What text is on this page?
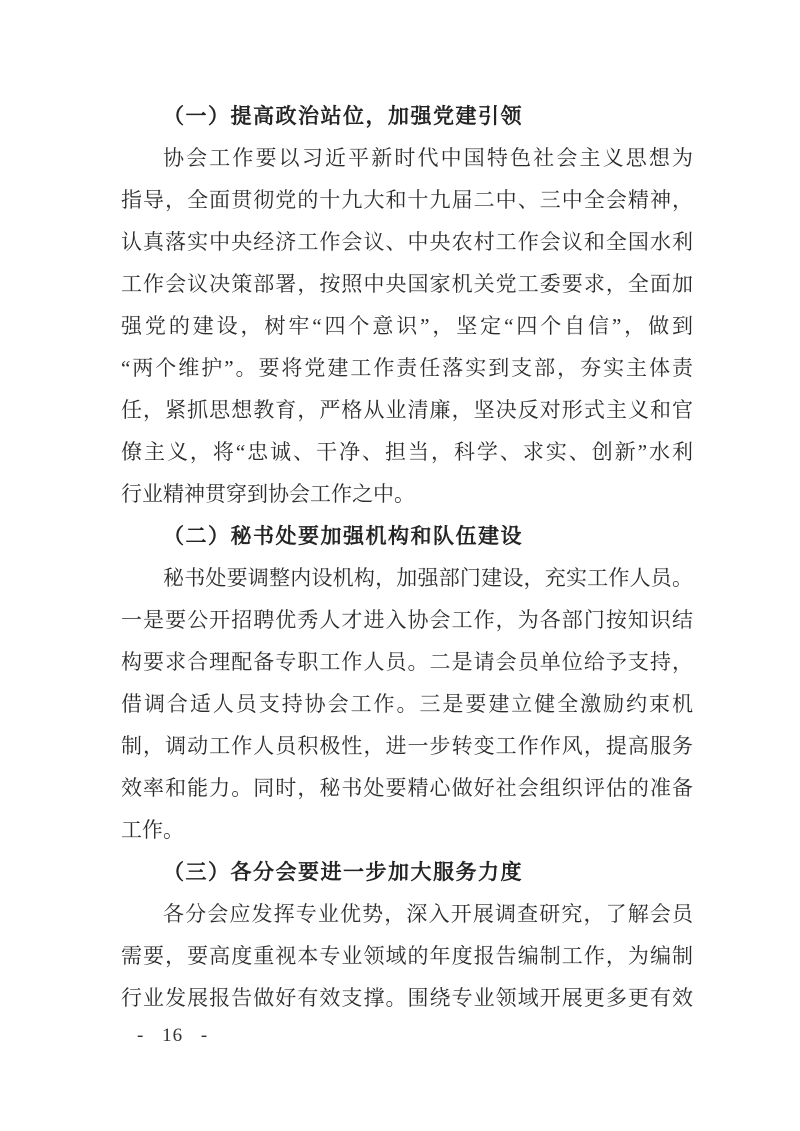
（一）提高政治站位，加强党建引领
协会工作要以习近平新时代中国特色社会主义思想为
指导，全面贯彻党的十九大和十九届二中、三中全会精神，
认真落实中央经济工作会议、中央农村工作会议和全国水利
工作会议决策部署，按照中央国家机关党工委要求，全面加
强党的建设，树牢“四个意识”，坚定“四个自信”，做到
“两个维护”。要将党建工作责任落实到支部，夯实主体责
任，紧抓思想教育，严格从业清廉，坚决反对形式主义和官
僚主义，将“忠诚、干净、担当，科学、求实、创新”水利
行业精神贯穿到协会工作之中。
（二）秘书处要加强机构和队伍建设
秘书处要调整内设机构，加强部门建设，充实工作人员。
一是要公开招聘优秀人才进入协会工作，为各部门按知识结
构要求合理配备专职工作人员。二是请会员单位给予支持，
借调合适人员支持协会工作。三是要建立健全激励约束机
制，调动工作人员积极性，进一步转变工作作风，提高服务
效率和能力。同时，秘书处要精心做好社会组织评估的准备
工作。
（三）各分会要进一步加大服务力度
各分会应发挥专业优势，深入开展调查研究，了解会员
需要，要高度重视本专业领域的年度报告编制工作，为编制
行业发展报告做好有效支撑。围绕专业领域开展更多更有效
- 16 -
